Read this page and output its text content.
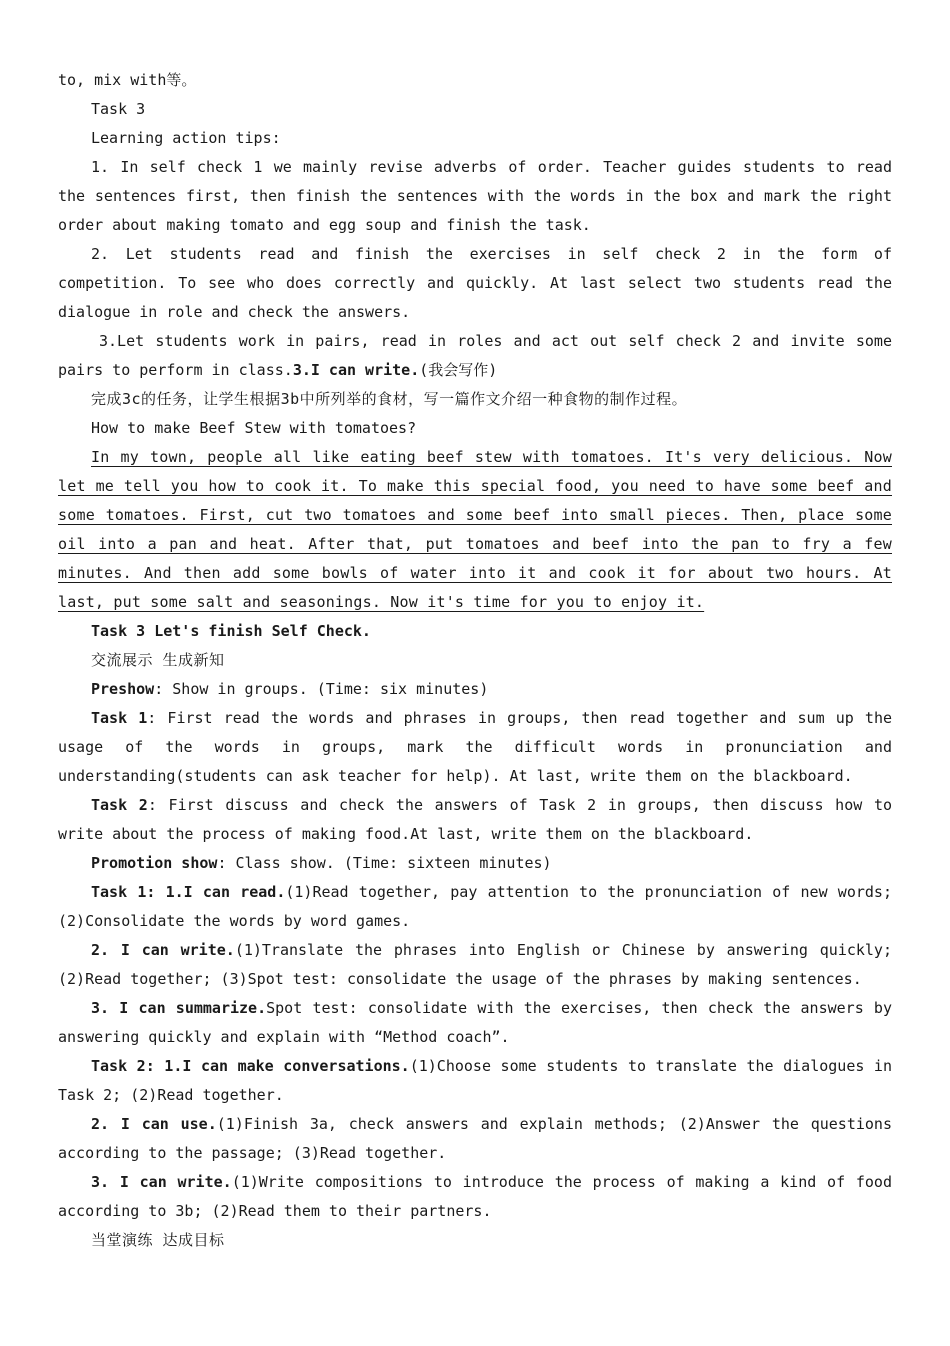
to, mix with等。

Task 3

Learning action tips:

1. In self check 1 we mainly revise adverbs of order. Teacher guides students to read the sentences first, then finish the sentences with the words in the box and mark the right order about making tomato and egg soup and finish the task.

2. Let students read and finish the exercises in self check 2 in the form of competition. To see who does correctly and quickly. At last select two students read the dialogue in role and check the answers.

3.Let students work in pairs, read in roles and act out self check 2 and invite some pairs to perform in class.3.I can write.(我会写作)

完成3c的任务，让学生根据3b中所列举的食材，写一篇作文介绍一种食物的制作过程。

How to make Beef Stew with tomatoes?

In my town, people all like eating beef stew with tomatoes. It's very delicious. Now let me tell you how to cook it. To make this special food, you need to have some beef and some tomatoes. First, cut two tomatoes and some beef into small pieces. Then, place some oil into a pan and heat. After that, put tomatoes and beef into the pan to fry a few minutes. And then add some bowls of water into it and cook it for about two hours. At last, put some salt and seasonings. Now it's time for you to enjoy it.

Task 3 Let's finish Self Check.

交流展示 生成新知

Preshow: Show in groups. (Time: six minutes)

Task 1: First read the words and phrases in groups, then read together and sum up the usage of the words in groups, mark the difficult words in pronunciation and understanding(students can ask teacher for help). At last, write them on the blackboard.

Task 2: First discuss and check the answers of Task 2 in groups, then discuss how to write about the process of making food.At last, write them on the blackboard.

Promotion show: Class show. (Time: sixteen minutes)

Task 1: 1.I can read.(1)Read together, pay attention to the pronunciation of new words; (2)Consolidate the words by word games.

2. I can write.(1)Translate the phrases into English or Chinese by answering quickly; (2)Read together; (3)Spot test: consolidate the usage of the phrases by making sentences.

3. I can summarize.Spot test: consolidate with the exercises, then check the answers by answering quickly and explain with “Method coach”.

Task 2: 1.I can make conversations.(1)Choose some students to translate the dialogues in Task 2; (2)Read together.

2. I can use.(1)Finish 3a, check answers and explain methods; (2)Answer the questions according to the passage; (3)Read together.

3. I can write.(1)Write compositions to introduce the process of making a kind of food according to 3b; (2)Read them to their partners.

当堂演练 达成目标
